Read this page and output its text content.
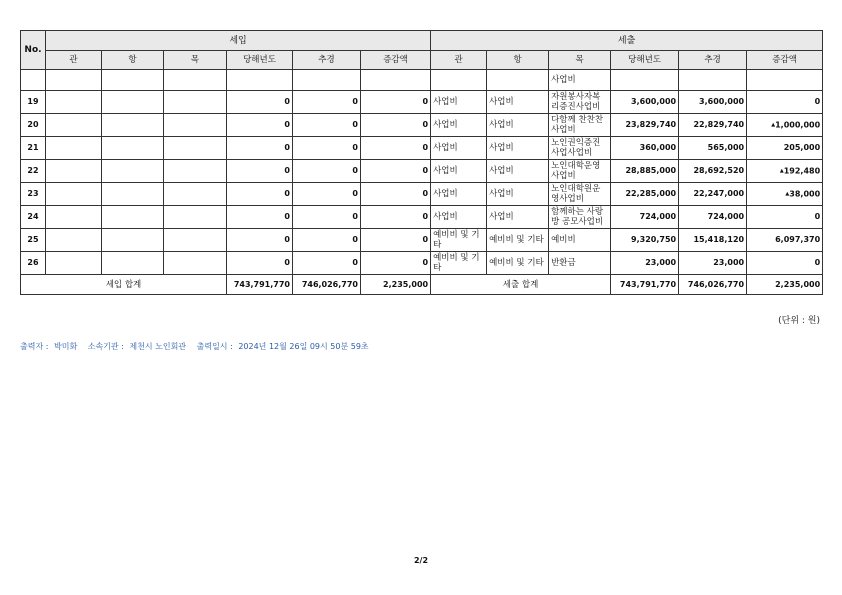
No.	세입						세출					
	관	항	목	당해년도	추경	증감액	관	항	목	당해년도	추경	증감액
									사업비			
19				0	0	0	사업비	사업비	자원봉사자복리증진사업비	3,600,000	3,600,000	0
20				0	0	0	사업비	사업비	다함께 찬찬찬사업비	23,829,740	22,829,740	▲ 1,000,000
21				0	0	0	사업비	사업비	노인권익증진사업사업비	360,000	565,000	205,000
22				0	0	0	사업비	사업비	노인대학운영사업비	28,885,000	28,692,520	▲ 192,480
23				0	0	0	사업비	사업비	노인대학원운영사업비	22,285,000	22,247,000	▲ 38,000
24				0	0	0	사업비	사업비	함께하는 사랑방 공모사업비	724,000	724,000	0
25				0	0	0	예비비 및 기타	예비비 및 기타	예비비	9,320,750	15,418,120	6,097,370
26				0	0	0	예비비 및 기타	예비비 및 기타	반환금	23,000	23,000	0
세입 합계				743,791,770	746,026,770	2,235,000	세출 합계			743,791,770	746,026,770	2,235,000
(단위 : 원)
출력자 : 박미화 소속기관 : 제천시 노인회관 출력일시 : 2024년 12월 26일 09시 50분 59초
2/2
